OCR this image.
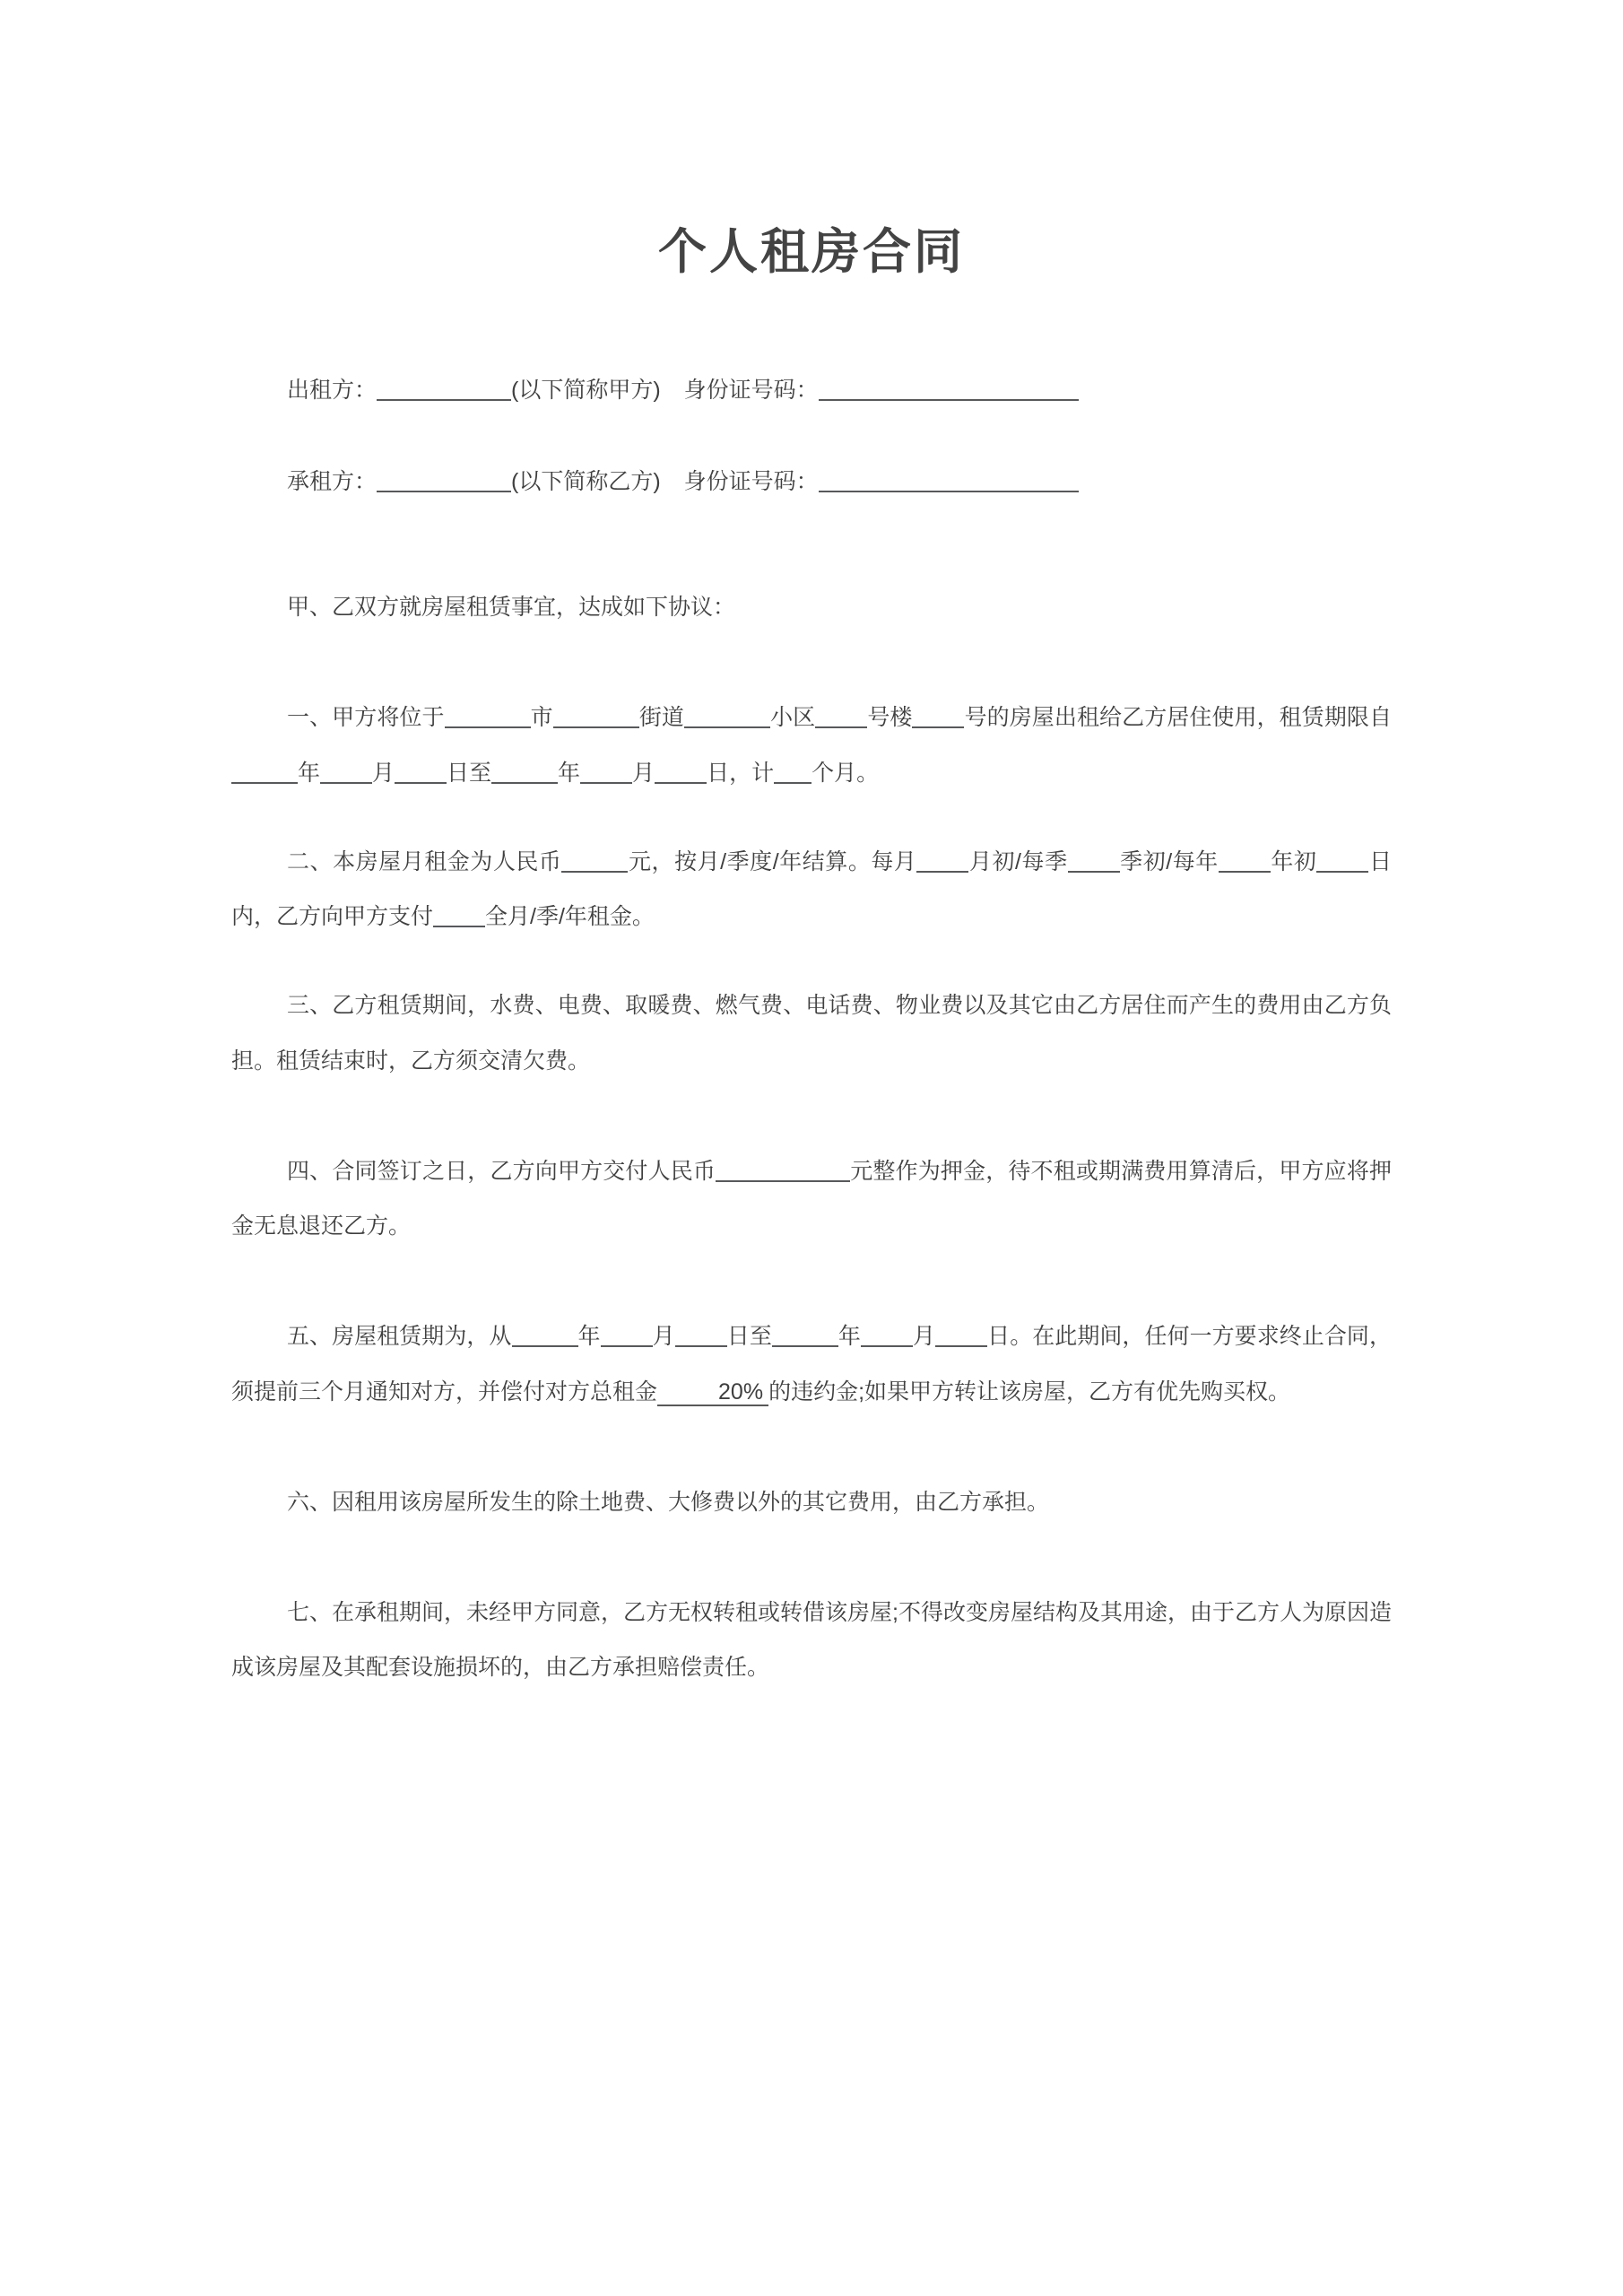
个人租房合同
出租方：	(以下简称甲方) 身份证号码：
承租方：	(以下简称乙方) 身份证号码：

甲、乙双方就房屋租赁事宜，达成如下协议：

一、甲方将位于	市	街道	小区 号楼 号的房屋出租给乙方居住使用，租赁期限自年 月 日至	年 月 日，计 个月。

二、本房屋月租金为人民币	元，按月/季度/年结算。每月 月初/每季 季初/每年 年初 日内，乙方向甲方支付 全月/季/年租金。

三、乙方租赁期间，水费、电费、取暖费、燃气费、电话费、物业费以及其它由乙方居住而产生的费用由乙方负担。租赁结束时，乙方须交清欠费。

四、合同签订之日，乙方向甲方交付人民币	元整作为押金，待不租或期满费用算清后，甲方应将押金无息退还乙方。

五、房屋租赁期为，从	年 月 日至	年 月 日。在此期间，任何一方要求终止合同，须提前三个月通知对方，并偿付对方总租金	20% 的违约金;如果甲方转让该房屋，乙方有优先购买权。

六、因租用该房屋所发生的除土地费、大修费以外的其它费用，由乙方承担。

七、在承租期间，未经甲方同意，乙方无权转租或转借该房屋;不得改变房屋结构及其用途，由于乙方人为原因造成该房屋及其配套设施损坏的，由乙方承担赔偿责任。
